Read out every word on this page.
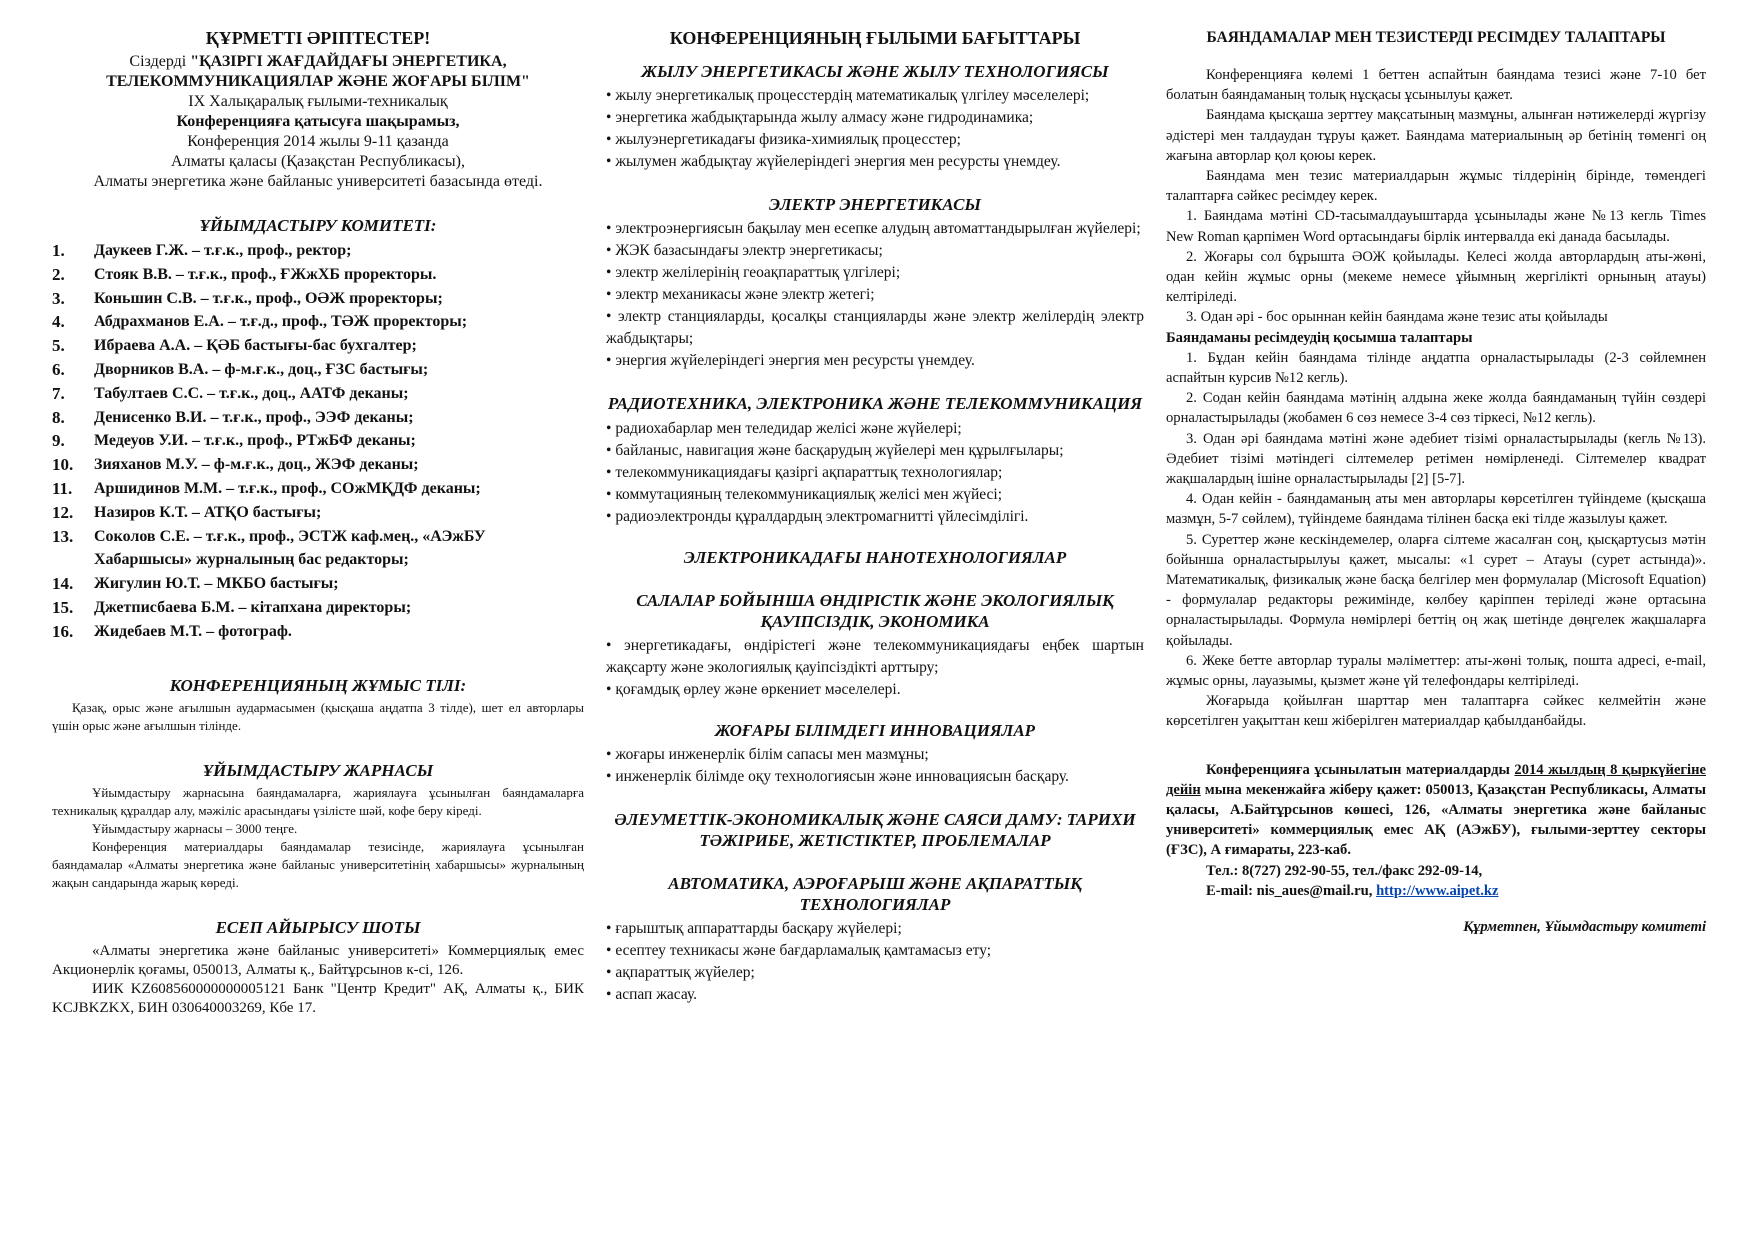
ҚҰРМЕТТІ ӘРІПТЕСТЕР!
Сіздерді "ҚАЗІРГІ ЖАҒДАЙДАҒЫ ЭНЕРГЕТИКА,
ТЕЛЕКОММУНИКАЦИЯЛАР ЖӘНЕ ЖОҒАРЫ БІЛІМ"
ІХ Халықаралық ғылыми-техникалық
Конференцияға қатысуға шақырамыз,
Конференция 2014 жылы 9-11 қазанда
Алматы қаласы (Қазақстан Республикасы),
Алматы энергетика және байланыс университеті базасында өтеді.
ҰЙЫМДАСТЫРУ КОМИТЕТІ:
1.	Даукеев Г.Ж. – т.ғ.к., проф., ректор;
2.	Стояк В.В. – т.ғ.к., проф., ҒЖжХБ проректоры.
3.	Коньшин С.В. – т.ғ.к., проф., ОӘЖ проректоры;
4.	Абдрахманов Е.А. – т.ғ.д., проф., ТӘЖ проректоры;
5.	Ибраева А.А. – ҚӘБ бастығы-бас бухгалтер;
6.	Дворников В.А. – ф-м.ғ.к., доц., ҒЗС бастығы;
7.	Табултаев С.С. – т.ғ.к., доц., ААТФ деканы;
8.	Денисенко В.И. – т.ғ.к., проф., ЭЭФ деканы;
9.	Медеуов У.И. – т.ғ.к., проф., РТжБФ деканы;
10.	Зияханов М.У. – ф-м.ғ.к., доц., ЖЭФ деканы;
11.	Аршидинов М.М. – т.ғ.к., проф., СОжМҚДФ деканы;
12.	Назиров К.Т. – АТҚО бастығы;
13.	Соколов С.Е. – т.ғ.к., проф., ЭСТЖ каф.мең., «АЭжБУ Хабаршысы» журналының бас редакторы;
14.	Жигулин Ю.Т. – МКБО бастығы;
15.	Джетписбаева Б.М. – кітапхана директоры;
16.	Жидебаев М.Т. – фотограф.
КОНФЕРЕНЦИЯНЫҢ ЖҰМЫС ТІЛІ:

Қазақ, орыс және ағылшын аудармасымен (қысқаша аңдатпа 3 тілде), шет ел авторлары үшін орыс және ағылшын тілінде.

ҰЙЫМДАСТЫРУ ЖАРНАСЫ

Ұйымдастыру жарнасына баяндамаларға, жариялауға ұсынылған баяндамаларға техникалық құралдар алу, мәжіліс арасындағы үзілісте шәй, кофе беру кіреді.

Ұйымдастыру жарнасы – 3000 теңге.

Конференция материалдары баяндамалар тезисінде, жариялауға ұсынылған баяндамалар «Алматы энергетика және байланыс университетінің хабаршысы» журналының жақын сандарында жарық көреді.

ЕСЕП АЙЫРЫСУ ШОТЫ

«Алматы энергетика және байланыс университеті» Коммерциялық емес Акционерлік қоғамы, 050013, Алматы қ., Байтұрсынов к-сі, 126.

ИИК KZ608560000000005121 Банк "Центр Кредит" АҚ, Алматы қ., БИК KCJBKZKX, БИН 030640003269, Кбе 17.

КОНФЕРЕНЦИЯНЫҢ ҒЫЛЫМИ БАҒЫТТАРЫ
ЖЫЛУ ЭНЕРГЕТИКАСЫ ЖӘНЕ ЖЫЛУ ТЕХНОЛОГИЯСЫ

• жылу энергетикалық процесстердің математикалық үлгілеу мәселелері;

• энергетика жабдықтарында жылу алмасу және гидродинамика;

• жылуэнергетикадағы физика-химиялық процесстер;

• жылумен жабдықтау жүйелеріндегі энергия мен ресурсты үнемдеу.

ЭЛЕКТР ЭНЕРГЕТИКАСЫ

• электроэнергиясын бақылау мен есепке алудың автоматтандырылған жүйелері;

• ЖЭК базасындағы электр энергетикасы;

• электр желілерінің геоақпараттық үлгілері;

• электр механикасы және электр жетегі;

• электр станцияларды, қосалқы станцияларды және электр желілердің электр жабдықтары;

• энергия жүйелеріндегі энергия мен ресурсты үнемдеу.

РАДИОТЕХНИКА, ЭЛЕКТРОНИКА ЖӘНЕ ТЕЛЕКОММУНИКАЦИЯ

• радиохабарлар мен теледидар желісі және жүйелері;

• байланыс, навигация және басқарудың жүйелері мен құрылғылары;

• телекоммуникациядағы қазіргі ақпараттық технологиялар;

• коммутацияның телекоммуникациялық желісі мен жүйесі;

• радиоэлектронды құралдардың электромагнитті үйлесімділігі.

ЭЛЕКТРОНИКАДАҒЫ НАНОТЕХНОЛОГИЯЛАР
САЛАЛАР БОЙЫНША ӨНДІРІСТІК ЖӘНЕ ЭКОЛОГИЯЛЫҚ ҚАУІПСІЗДІК, ЭКОНОМИКА

• энергетикадағы, өндірістегі және телекоммуникациядағы еңбек шартын жақсарту және экологиялық қауіпсіздікті арттыру;

• қоғамдық өрлеу және өркениет мәселелері.

ЖОҒАРЫ БІЛІМДЕГІ ИННОВАЦИЯЛАР

• жоғары инженерлік білім сапасы мен мазмұны;

• инженерлік білімде оқу технологиясын және инновацияcын басқару.

ӘЛЕУМЕТТІК-ЭКОНОМИКАЛЫҚ ЖӘНЕ САЯСИ ДАМУ: ТАРИХИ ТӘЖІРИБЕ, ЖЕТІСТІКТЕР, ПРОБЛЕМАЛАР
АВТОМАТИКА, АЭРОҒАРЫШ ЖӘНЕ АҚПАРАТТЫҚ ТЕХНОЛОГИЯЛАР

• ғарыштық аппараттарды басқару жүйелері;

• есептеу техникасы және бағдарламалық қамтамасыз ету;

• ақпараттық жүйелер;

• аспап жасау.

БАЯНДАМАЛАР МЕН ТЕЗИСТЕРДІ РЕСІМДЕУ ТАЛАПТАРЫ

Конференцияға көлемі 1 беттен аспайтын баяндама тезисі және 7-10 бет болатын баяндаманың толық нұсқасы ұсынылуы қажет.

Баяндама қысқаша зерттеу мақсатының мазмұны, алынған нәтижелерді жүргізу әдістері мен талдаудан тұруы қажет. Баяндама материалының әр бетінің төменгі оң жағына авторлар қол қоюы керек.

Баяндама мен тезис материалдарын жұмыс тілдерінің бірінде, төмендегі талаптарға сәйкес ресімдеу керек.

1. Баяндама мәтіні CD-тасымалдауыштарда ұсынылады және №13 кегль Times New Roman қарпімен Word ортасындағы бірлік интервалда екі данада басылады.

2. Жоғары сол бұрышта ӘОЖ қойылады. Келесі жолда авторлардың аты-жөні, одан кейін жұмыс орны (мекеме немесе ұйымның жергілікті орнының атауы) келтіріледі.

3. Одан әрі - бос орыннан кейін баяндама және тезис аты қойылады

Баяндаманы ресімдеудің қосымша талаптары

1. Бұдан кейін баяндама тілінде аңдатпа орналастырылады (2-3 сөйлемнен аспайтын курсив №12 кегль).

2. Содан кейін баяндама мәтінің алдына жеке жолда баяндаманың түйін сөздері орналастырылады (жобамен 6 сөз немесе 3-4 сөз тіркесі, №12 кегль).

3. Одан әрі баяндама мәтіні және әдебиет тізімі орналастырылады (кегль №13). Әдебиет тізімі мәтіндегі сілтемелер ретімен нөмірленеді. Сілтемелер квадрат жақшалардың ішіне орналастырылады [2] [5-7].

4. Одан кейін - баяндаманың аты мен авторлары көрсетілген түйіндеме (қысқаша мазмұн, 5-7 сөйлем), түйіндеме баяндама тілінен басқа екі тілде жазылуы қажет.

5. Суреттер және кескіндемелер, оларға сілтеме жасалған соң, қысқартусыз мәтін бойынша орналастырылуы қажет, мысалы: «1 сурет – Атауы (сурет астында)». Математикалық, физикалық және басқа белгілер мен формулалар (Microsoft Equation) - формулалар редакторы режимінде, көлбеу қаріппен теріледі және ортасына орналастырылады. Формула нөмірлері беттің оң жақ шетінде дөңгелек жақшаларға қойылады.

6. Жеке бетте авторлар туралы мәліметтер: аты-жөні толық, пошта адресі, e-mail, жұмыс орны, лауазымы, қызмет және үй телефондары келтіріледі.

Жоғарыда қойылған шарттар мен талаптарға сәйкес келмейтін және көрсетілген уақыттан кеш жіберілген материалдар қабылданбайды.

Конференцияға ұсынылатын материалдарды 2014 жылдың 8 қыркүйегіне дейін мына мекенжайға жіберу қажет: 050013, Қазақстан Республикасы, Алматы қаласы, А.Байтұрсынов көшесі, 126, «Алматы энергетика және байланыс университеті» коммерциялық емес АҚ (АЭжБУ), ғылыми-зерттеу секторы (ҒЗС), А ғимараты, 223-каб.

Тел.: 8(727) 292-90-55, тел./факс 292-09-14,

E-mail: nis_aues@mail.ru, http://www.aipet.kz

Құрметпен, Ұйымдастыру комитеті
